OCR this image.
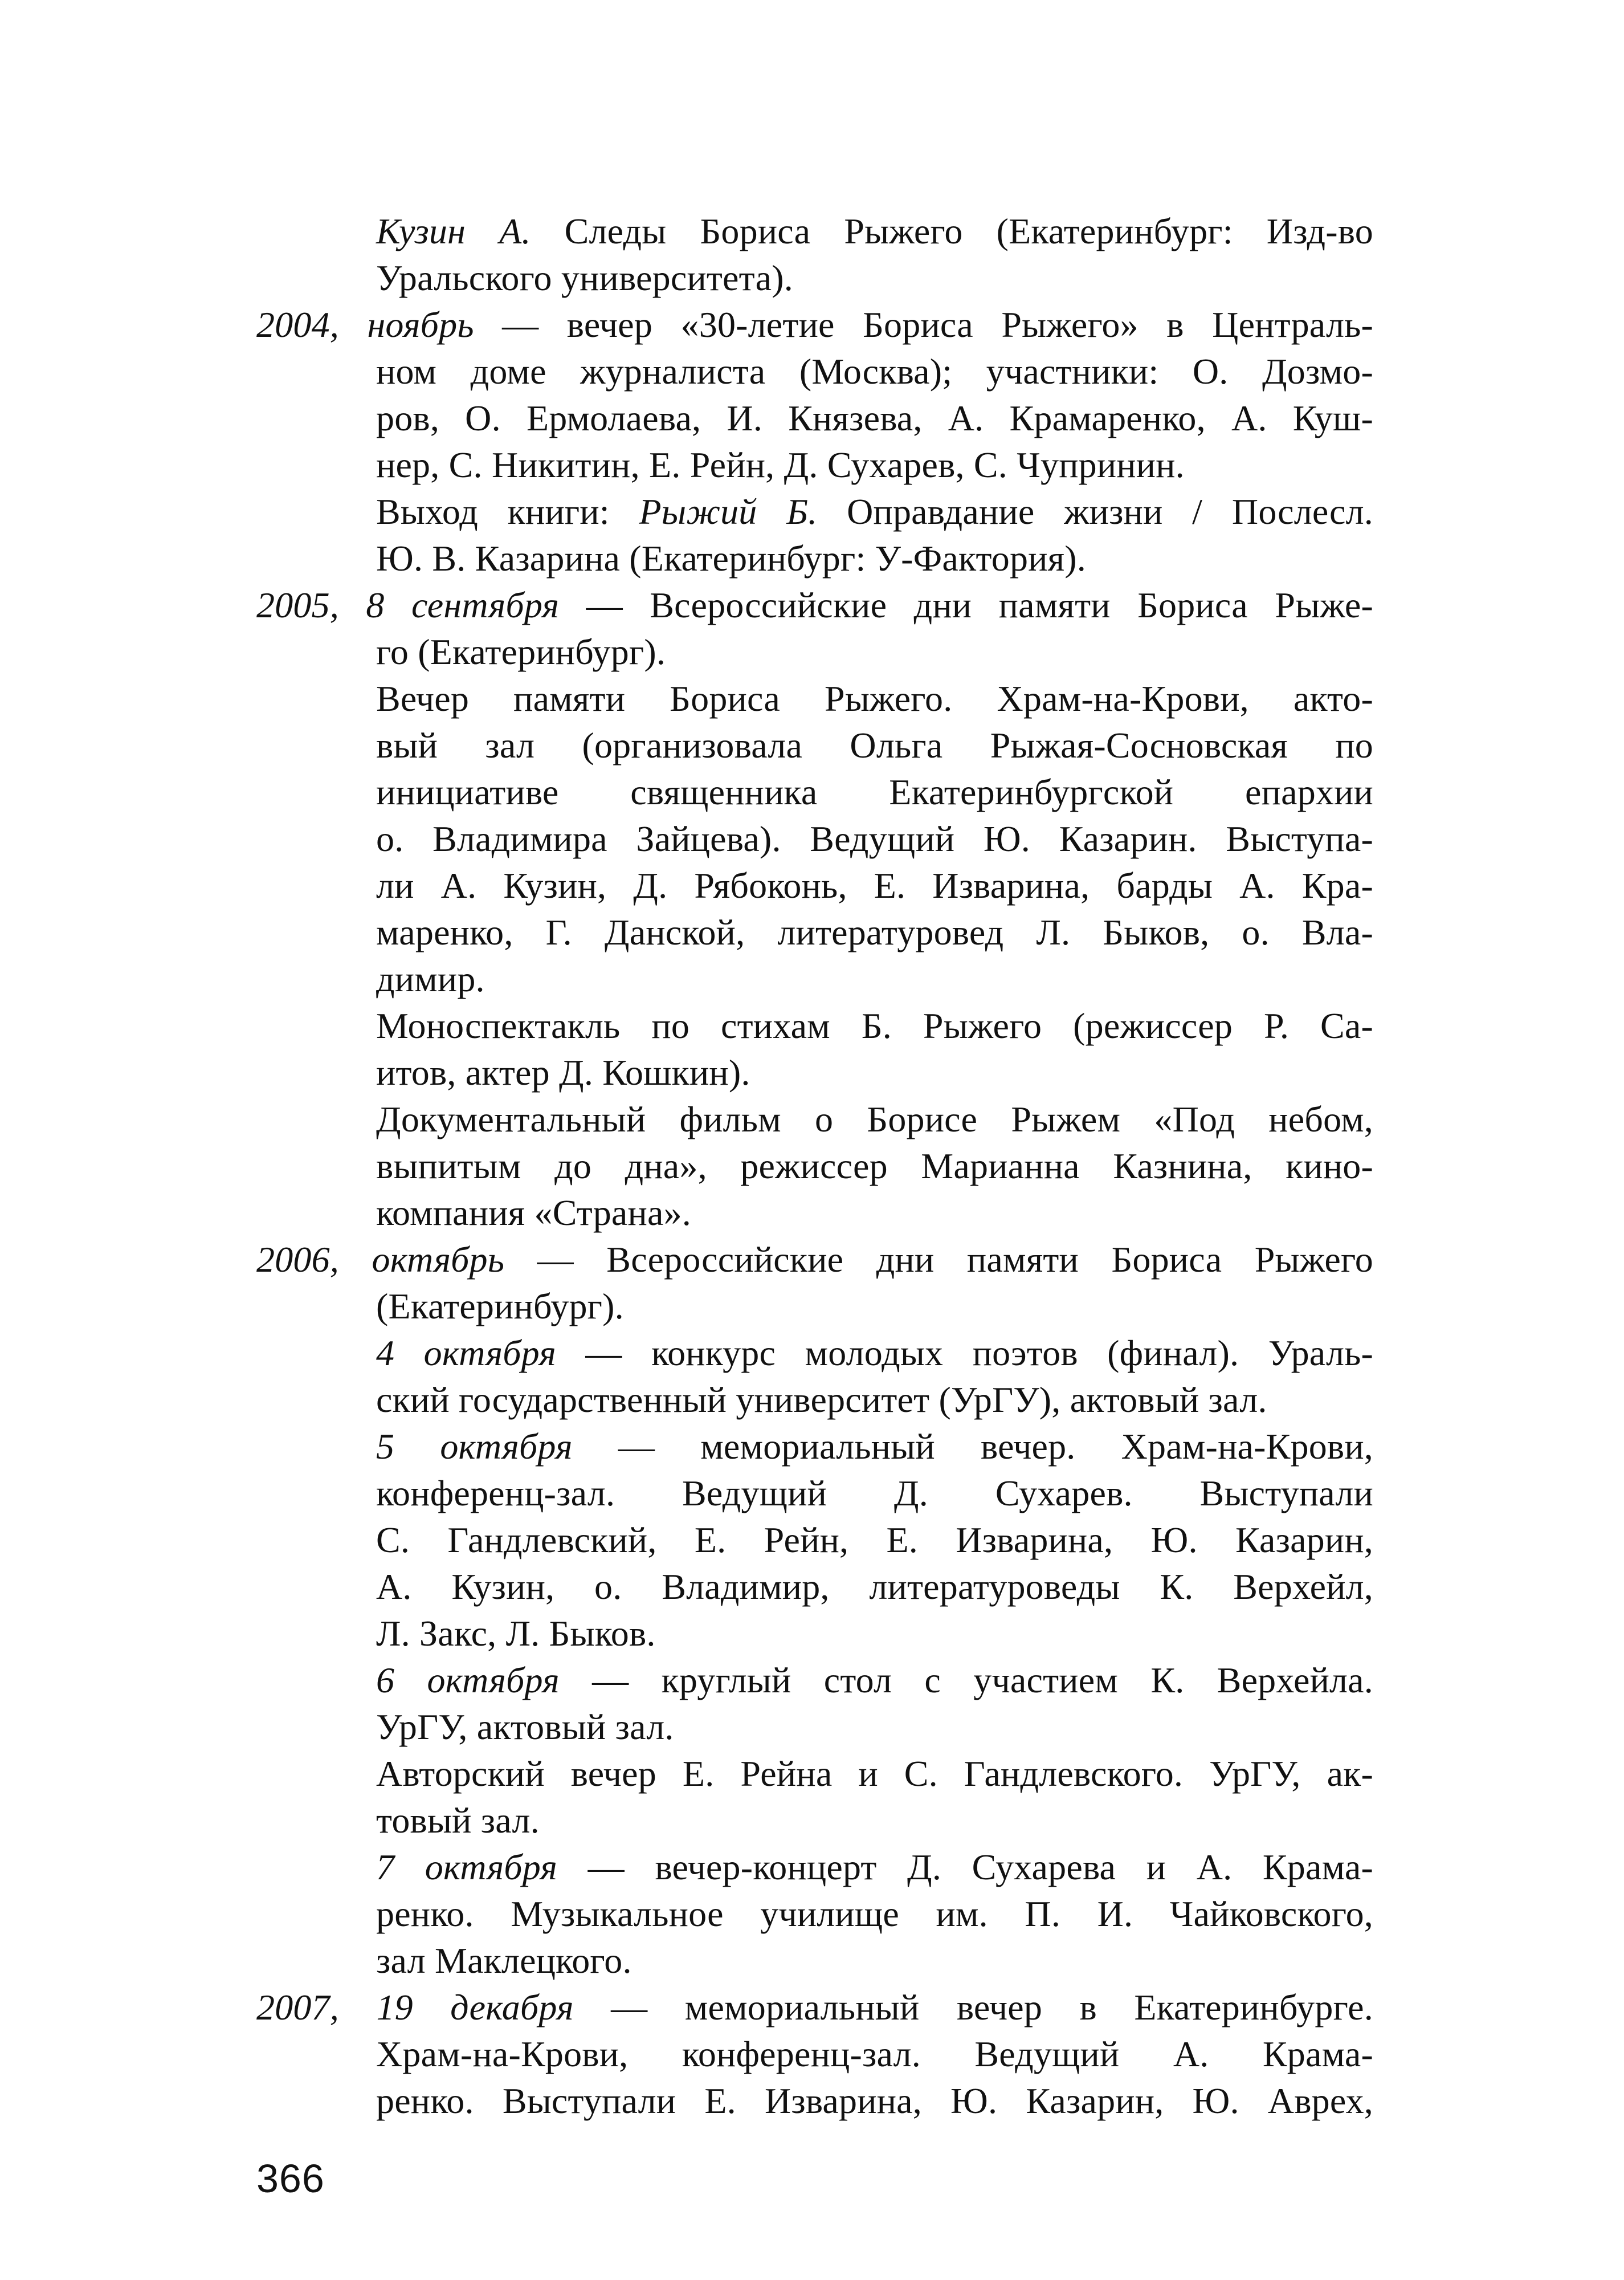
Кузин А. Следы Бориса Рыжего (Екатеринбург: Изд-во
Уральского университета).
2004, ноябрь — вечер «30-летие Бориса Рыжего» в Централь-
ном доме журналиста (Москва); участники: О. Дозмо-
ров, О. Ермолаева, И. Князева, А. Крамаренко, А. Куш-
нер, С. Никитин, Е. Рейн, Д. Сухарев, С. Чупринин.
Выход книги: Рыжий Б. Оправдание жизни / Послесл.
Ю. В. Казарина (Екатеринбург: У-Фактория).
2005, 8 сентября — Всероссийские дни памяти Бориса Рыже-
го (Екатеринбург).
Вечер памяти Бориса Рыжего. Храм-на-Крови, акто-
вый зал (организовала Ольга Рыжая-Сосновская по
инициативе священника Екатеринбургской епархии
о. Владимира Зайцева). Ведущий Ю. Казарин. Выступа-
ли А. Кузин, Д. Рябоконь, Е. Изварина, барды А. Кра-
маренко, Г. Данской, литературовед Л. Быков, о. Вла-
димир.
Моноспектакль по стихам Б. Рыжего (режиссер Р. Са-
итов, актер Д. Кошкин).
Документальный фильм о Борисе Рыжем «Под небом,
выпитым до дна», режиссер Марианна Казнина, кино-
компания «Страна».
2006, октябрь — Всероссийские дни памяти Бориса Рыжего
(Екатеринбург).
4 октября — конкурс молодых поэтов (финал). Ураль-
ский государственный университет (УрГУ), актовый зал.
5 октября — мемориальный вечер. Храм-на-Крови,
конференц-зал. Ведущий Д. Сухарев. Выступали
С. Гандлевский, Е. Рейн, Е. Изварина, Ю. Казарин,
А. Кузин, о. Владимир, литературоведы К. Верхейл,
Л. Закс, Л. Быков.
6 октября — круглый стол с участием К. Верхейла.
УрГУ, актовый зал.
Авторский вечер Е. Рейна и С. Гандлевского. УрГУ, ак-
товый зал.
7 октября — вечер-концерт Д. Сухарева и А. Крама-
ренко. Музыкальное училище им. П. И. Чайковского,
зал Маклецкого.
2007, 19 декабря — мемориальный вечер в Екатеринбурге.
Храм-на-Крови, конференц-зал. Ведущий А. Крама-
ренко. Выступали Е. Изварина, Ю. Казарин, Ю. Аврех,
366
